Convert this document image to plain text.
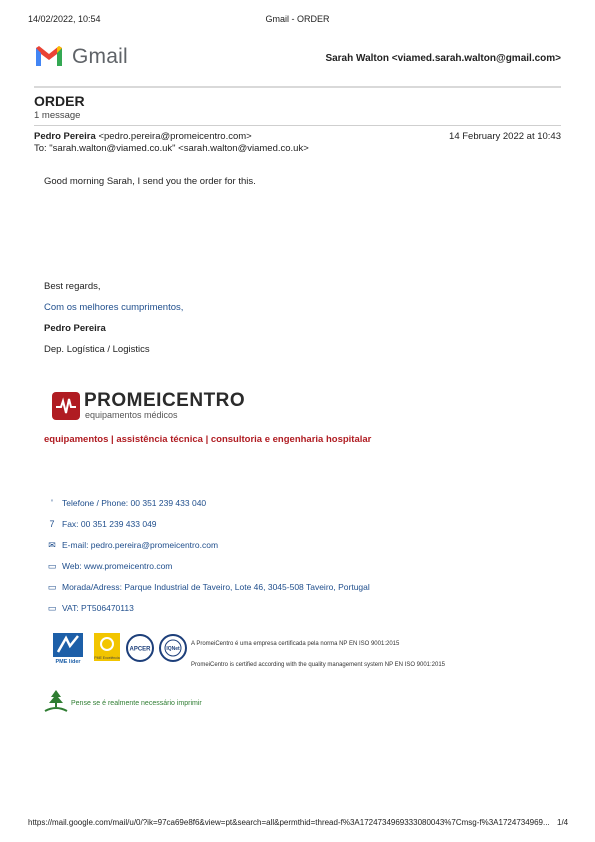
14/02/2022, 10:54	Gmail - ORDER
Gmail	Sarah Walton <viamed.sarah.walton@gmail.com>
ORDER
1 message
Pedro Pereira <pedro.pereira@promeicentro.com>	14 February 2022 at 10:43
To: "sarah.walton@viamed.co.uk" <sarah.walton@viamed.co.uk>
Good morning Sarah, I send you the order for this.
Best regards,
Com os melhores cumprimentos,
Pedro Pereira
Dep. Logística / Logistics
PROMEICENTRO
equipamentos médicos
equipamentos | assistência técnica | consultoria e engenharia hospitalar
' Telefone / Phone: 00 351 239 433 040
7 Fax: 00 351 239 433 049
✉ E-mail: pedro.pereira@promeicentro.com
▭ Web: www.promeicentro.com
▭ Morada/Adress: Parque Industrial de Taveiro, Lote 46, 3045-508 Taveiro, Portugal
▭ VAT: PT506470113
PME líder
PME Excelência
APCER	IQNet
A PromeiCentro é uma empresa certificada pela norma NP EN ISO 9001:2015
PromeiCentro is certified according with the quality management system NP EN ISO 9001:2015
Pense se é realmente necessário imprimir
https://mail.google.com/mail/u/0/?ik=97ca69e8f6&view=pt&search=all&permthid=thread-f%3A1724734969333080043%7Cmsg-f%3A1724734969... 1/4
